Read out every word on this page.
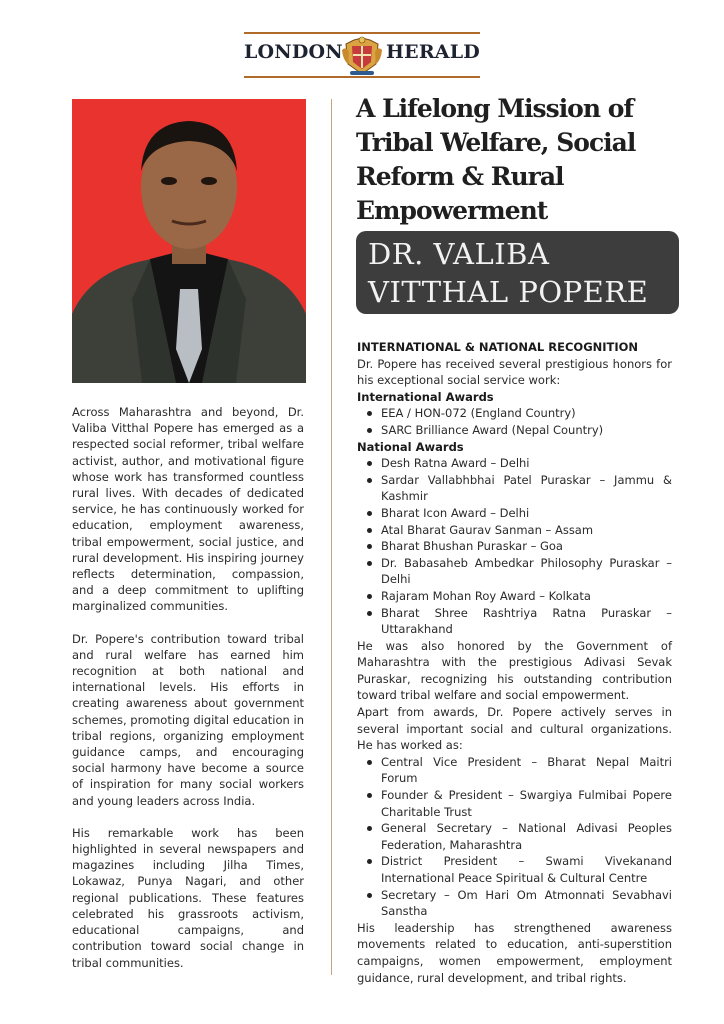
LONDON HERALD

Across Maharashtra and beyond, Dr. Valiba Vitthal Popere has emerged as a respected social reformer, tribal welfare activist, author, and motivational figure whose work has transformed countless rural lives. With decades of dedicated service, he has continuously worked for education, employment awareness, tribal empowerment, social justice, and rural development. His inspiring journey reflects determination, compassion, and a deep commitment to uplifting marginalized communities.

Dr. Popere's contribution toward tribal and rural welfare has earned him recognition at both national and international levels. His efforts in creating awareness about government schemes, promoting digital education in tribal regions, organizing employment guidance camps, and encouraging social harmony have become a source of inspiration for many social workers and young leaders across India.

His remarkable work has been highlighted in several newspapers and magazines including Jilha Times, Lokawaz, Punya Nagari, and other regional publications. These features celebrated his grassroots activism, educational campaigns, and contribution toward social change in tribal communities.

A Lifelong Mission of Tribal Welfare, Social Reform & Rural Empowerment
DR. VALIBA
VITTHAL POPERE
INTERNATIONAL & NATIONAL RECOGNITION

Dr. Popere has received several prestigious honors for his exceptional social service work:

International Awards
EEA / HON-072 (England Country)
SARC Brilliance Award (Nepal Country)
National Awards
Desh Ratna Award – Delhi
Sardar Vallabhbhai Patel Puraskar – Jammu & Kashmir
Bharat Icon Award – Delhi
Atal Bharat Gaurav Sanman – Assam
Bharat Bhushan Puraskar – Goa
Dr. Babasaheb Ambedkar Philosophy Puraskar – Delhi
Rajaram Mohan Roy Award – Kolkata
Bharat Shree Rashtriya Ratna Puraskar – Uttarakhand

He was also honored by the Government of Maharashtra with the prestigious Adivasi Sevak Puraskar, recognizing his outstanding contribution toward tribal welfare and social empowerment.

Apart from awards, Dr. Popere actively serves in several important social and cultural organizations. He has worked as:

Central Vice President – Bharat Nepal Maitri Forum
Founder & President – Swargiya Fulmibai Popere Charitable Trust
General Secretary – National Adivasi Peoples Federation, Maharashtra
District President – Swami Vivekanand International Peace Spiritual & Cultural Centre
Secretary – Om Hari Om Atmonnati Sevabhavi Sanstha

His leadership has strengthened awareness movements related to education, anti-superstition campaigns, women empowerment, employment guidance, rural development, and tribal rights.
